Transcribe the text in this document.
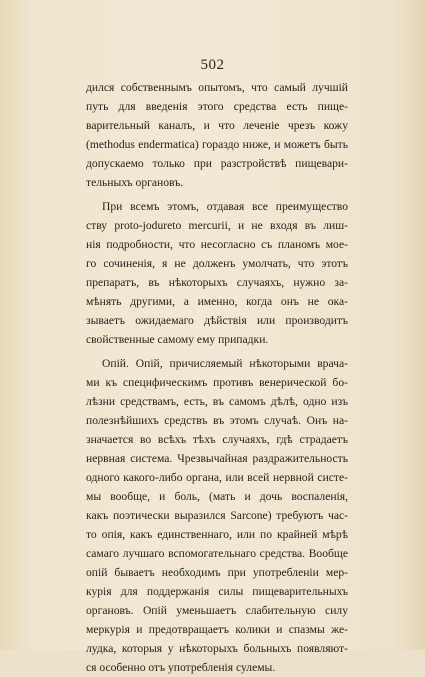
502
дился собственнымъ опытомъ, что самый лучшій
путь для введенія этого средства есть пище-
варительный каналъ, и что леченіе чрезъ кожу
(methodus endermatica) гораздо ниже, и можетъ быть
допускаемо только при разстройствѣ пищевари-
тельныхъ органовъ.
При всемъ этомъ, отдавая все преимущество
ству proto-joduretо mercurii, и не входя въ лиш-
нія подробности, что несогласно съ планомъ мое-
го сочиненія, я не долженъ умолчать, что этотъ
препаратъ, въ нѣкоторыхъ случаяхъ, нужно за-
мѣнять другими, а именно, когда онъ не ока-
зываетъ ожидаемаго дѣйствія или производитъ
свойственные самому ему припадки.
Опій. Опій, причисляемый нѣкоторыми врача-
ми къ специфическимъ противъ венерической бо-
лѣзни средствамъ, есть, въ самомъ дѣлѣ, одно изъ
полезнѣйшихъ средствъ въ этомъ случаѣ. Онъ на-
значается во всѣхъ тѣхъ случаяхъ, гдѣ страдаетъ
нервная система. Чрезвычайная раздражительность
одного какого-либо органа, или всей нервной систе-
мы вообще, и боль, (мать и дочь воспаленія,
какъ поэтически выразился Sarcone) требуютъ час-
то опія, какъ единственнаго, или по крайней мѣрѣ
самаго лучшаго вспомогательнаго средства. Вообще
опій бываетъ необходимъ при употребленіи мер-
курія для поддержанія силы пищеварительныхъ
органовъ. Опій уменьшаетъ слабительную силу
меркурія и предотвращаетъ колики и спазмы же-
лудка, которыя у нѣкоторыхъ больныхъ появляют-
ся особенно отъ употребленія сулемы.
